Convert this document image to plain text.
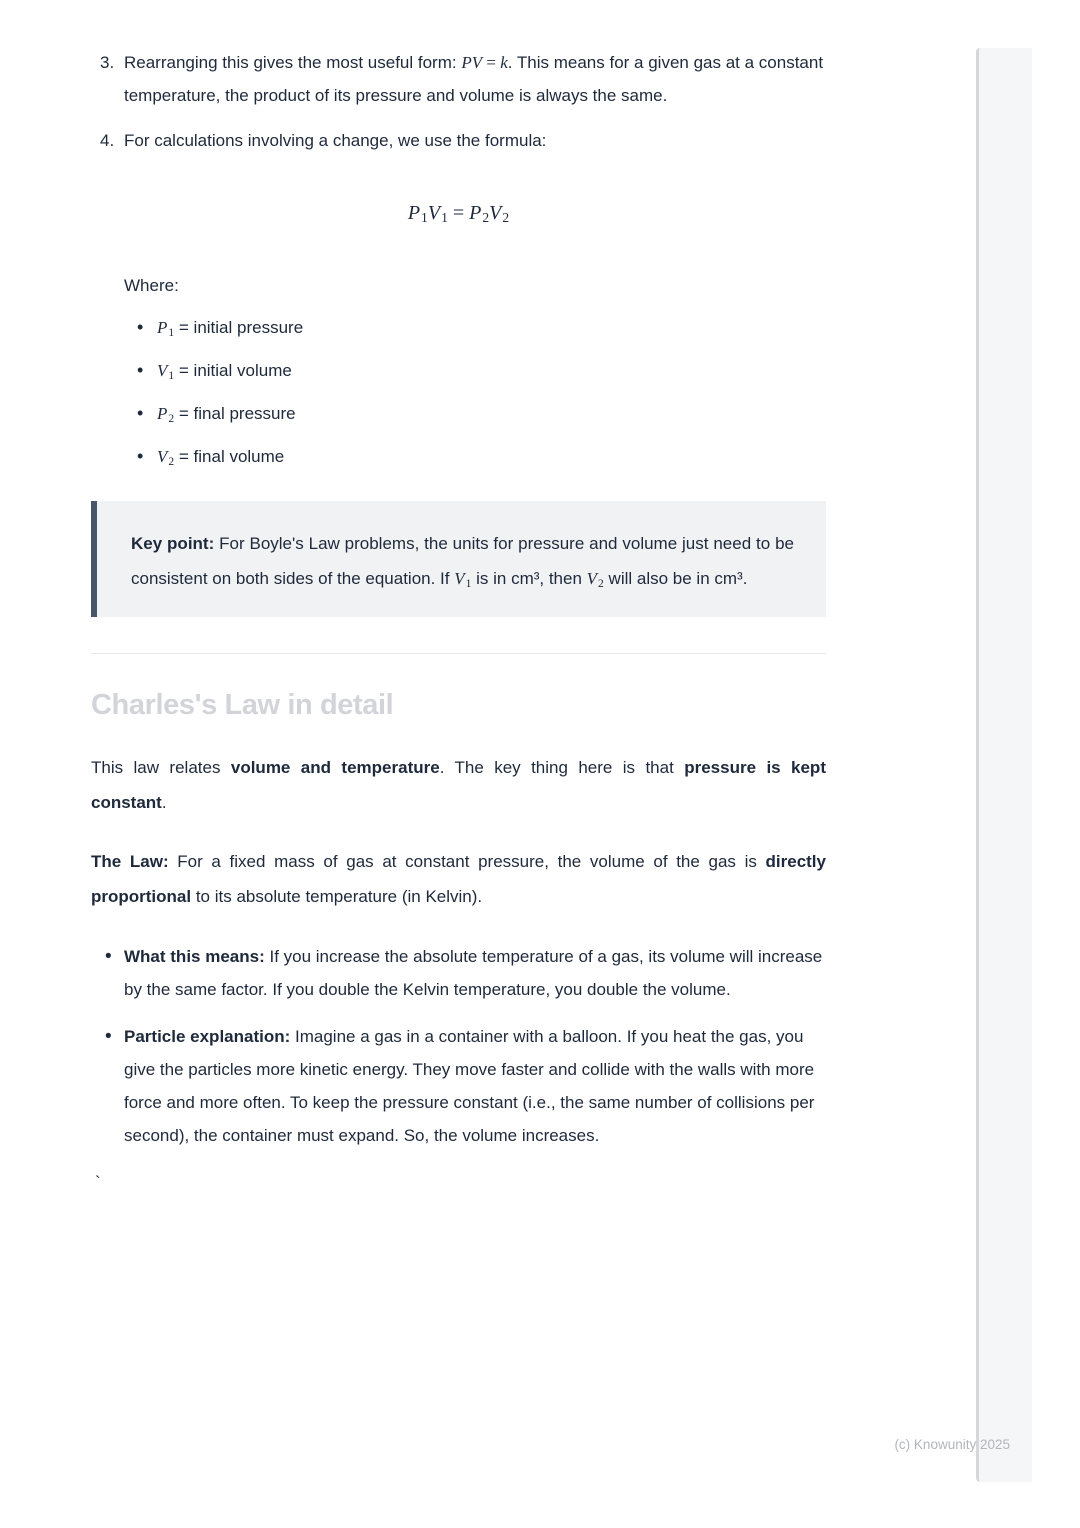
3. Rearranging this gives the most useful form: PV = k. This means for a given gas at a constant temperature, the product of its pressure and volume is always the same.
4. For calculations involving a change, we use the formula:
$P_1V_1 = P_2V_2$
Where:
• $P_1$ = initial pressure
• $V_1$ = initial volume
• $P_2$ = final pressure
• $V_2$ = final volume
Key point: For Boyle's Law problems, the units for pressure and volume just need to be consistent on both sides of the equation. If $V_1$ is in cm³, then $V_2$ will also be in cm³.
Charles's Law in detail

This law relates volume and temperature. The key thing here is that pressure is kept constant.

The Law: For a fixed mass of gas at constant pressure, the volume of the gas is directly proportional to its absolute temperature (in Kelvin).

• What this means: If you increase the absolute temperature of a gas, its volume will increase by the same factor. If you double the Kelvin temperature, you double the volume.
• Particle explanation: Imagine a gas in a container with a balloon. If you heat the gas, you give the particles more kinetic energy. They move faster and collide with the walls with more force and more often. To keep the pressure constant (i.e., the same number of collisions per second), the container must expand. So, the volume increases.
`
(c) Knowunity 2025
